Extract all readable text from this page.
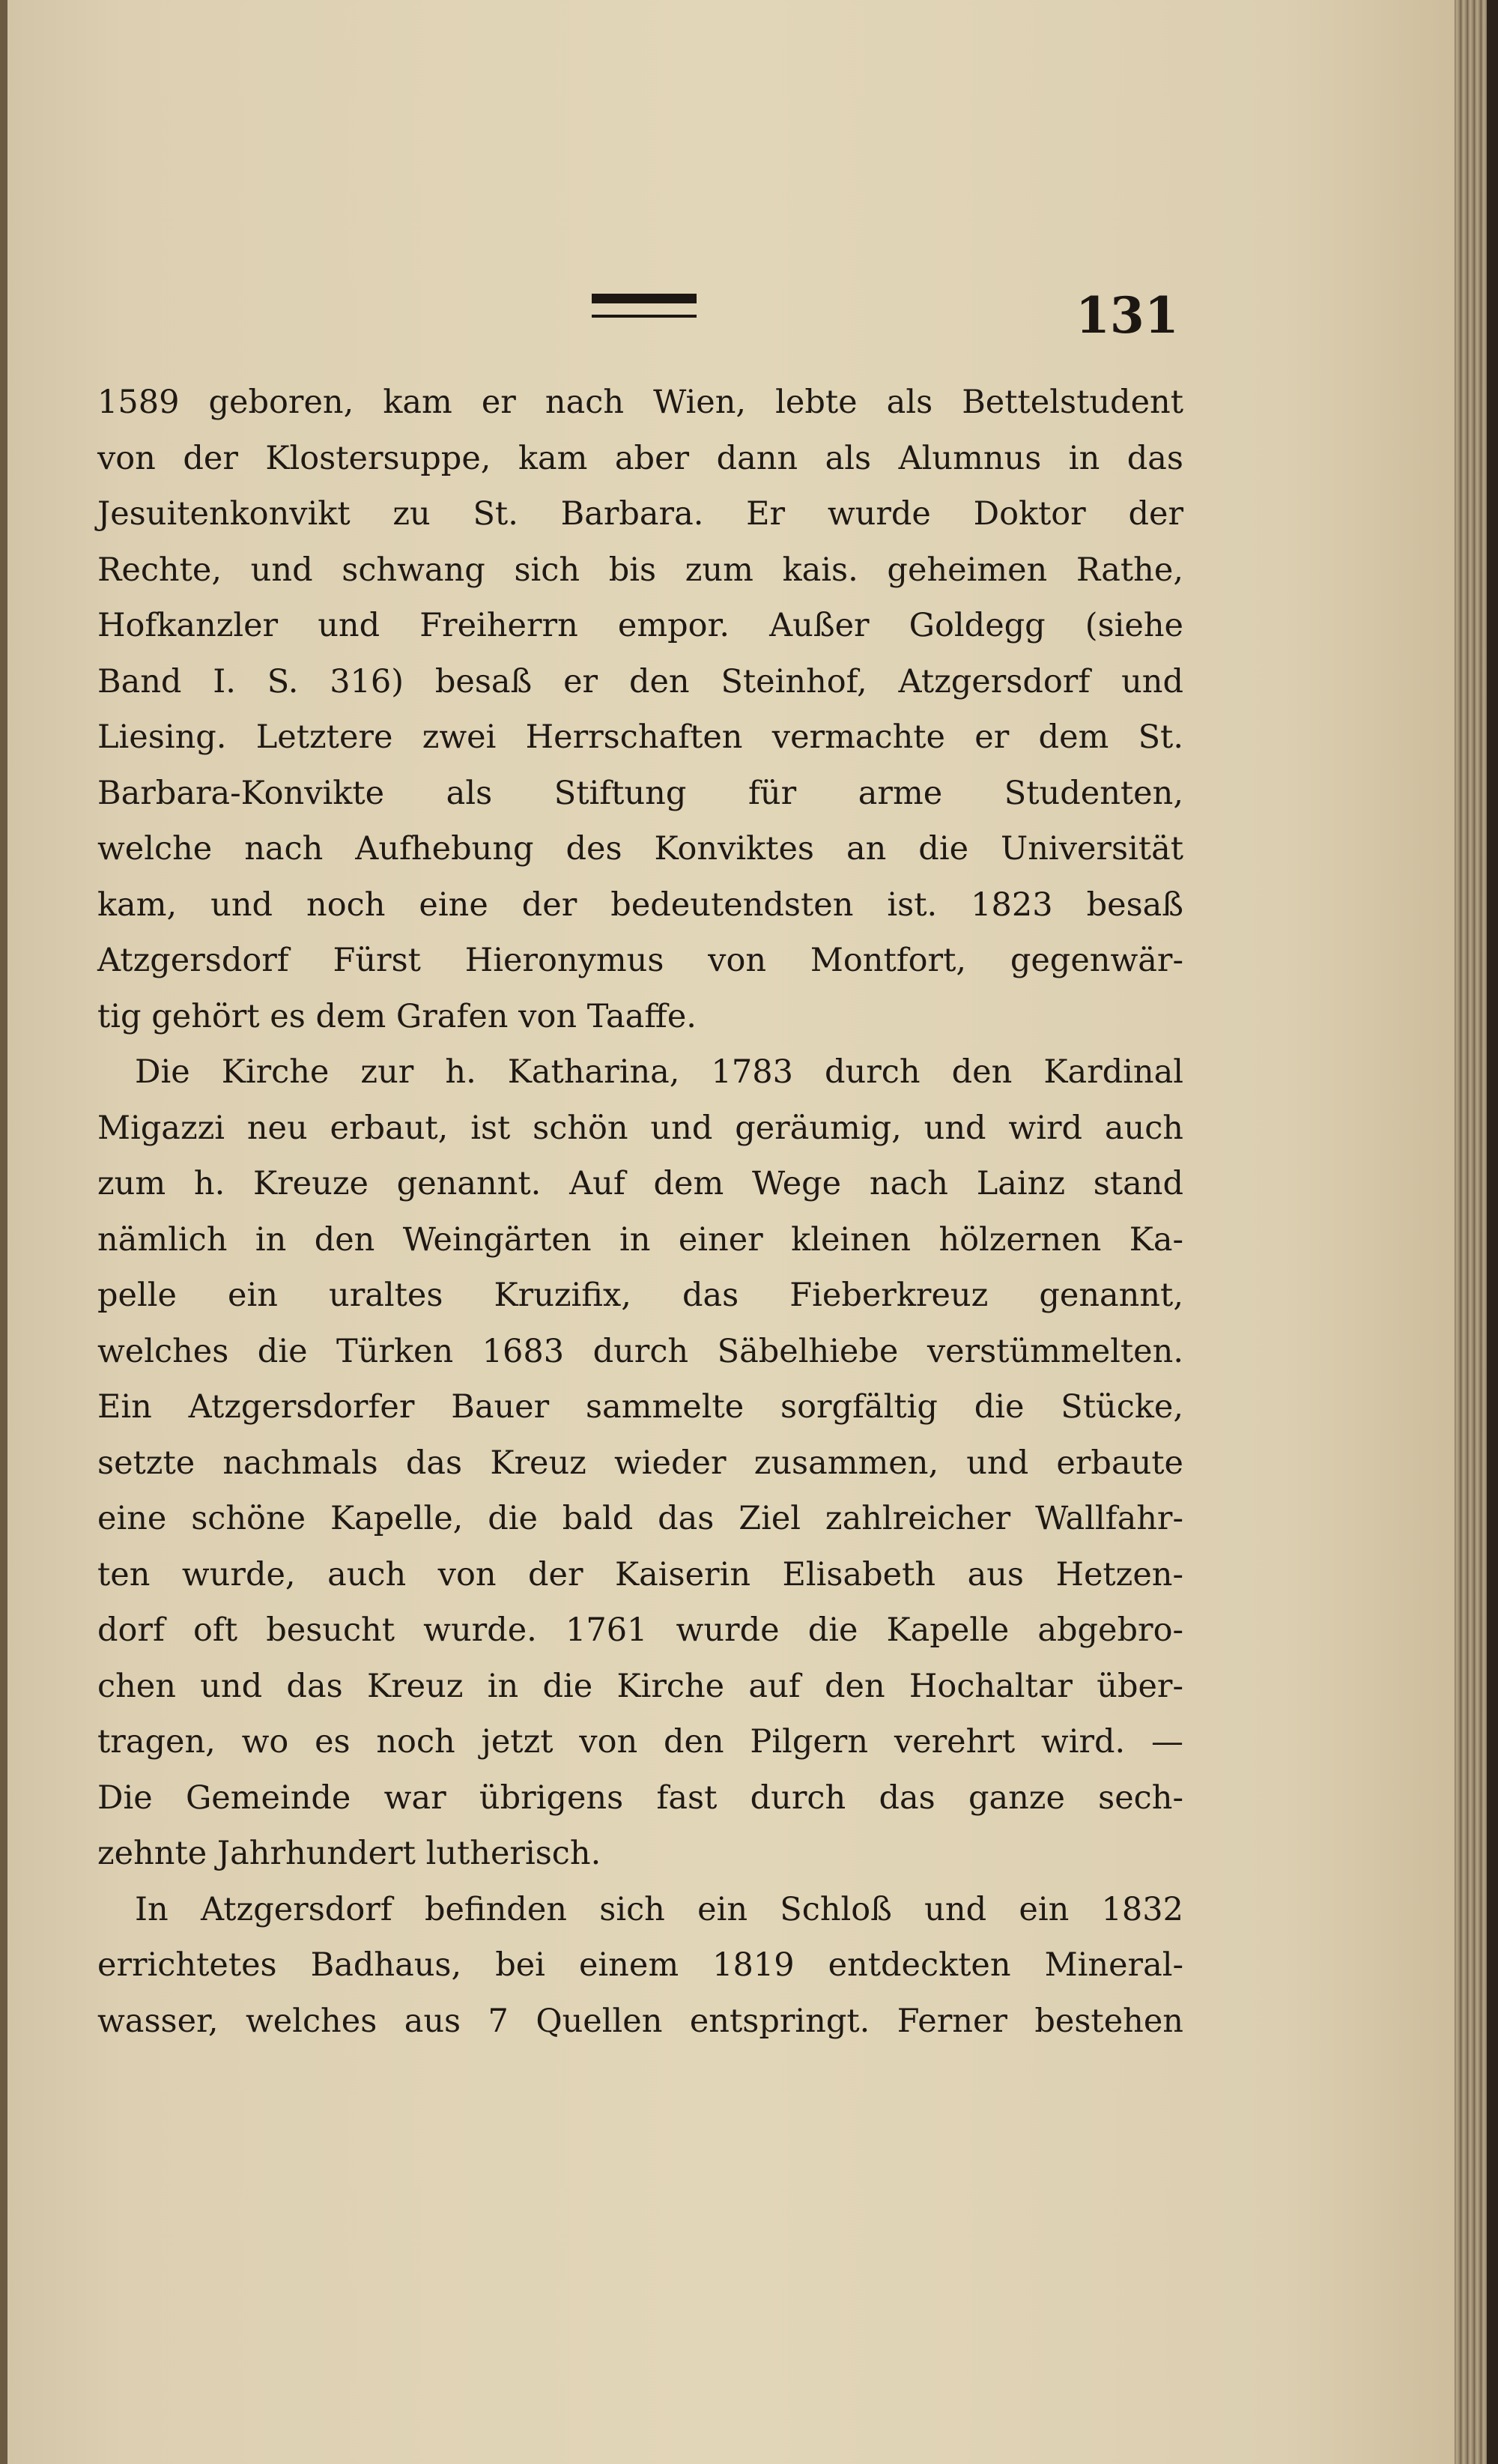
131
1589 geboren, kam er nach Wien, lebte als Bettelstudent
von der Klostersuppe, kam aber dann als Alumnus in das
Jesuitenkonvikt zu St. Barbara. Er wurde Doktor der
Rechte, und schwang sich bis zum kais. geheimen Rathe,
Hofkanzler und Freiherrn empor. Außer Goldegg (siehe
Band I. S. 316) besaß er den Steinhof, Atzgersdorf und
Liesing. Letztere zwei Herrschaften vermachte er dem St.
Barbara-Konvikte als Stiftung für arme Studenten,
welche nach Aufhebung des Konviktes an die Universität
kam, und noch eine der bedeutendsten ist. 1823 besaß
Atzgersdorf Fürst Hieronymus von Montfort, gegenwär-
tig gehört es dem Grafen von Taaffe.
Die Kirche zur h. Katharina, 1783 durch den Kardinal
Migazzi neu erbaut, ist schön und geräumig, und wird auch
zum h. Kreuze genannt. Auf dem Wege nach Lainz stand
nämlich in den Weingärten in einer kleinen hölzernen Ka-
pelle ein uraltes Kruzifix, das Fieberkreuz genannt,
welches die Türken 1683 durch Säbelhiebe verstümmelten.
Ein Atzgersdorfer Bauer sammelte sorgfältig die Stücke,
setzte nachmals das Kreuz wieder zusammen, und erbaute
eine schöne Kapelle, die bald das Ziel zahlreicher Wallfahr-
ten wurde, auch von der Kaiserin Elisabeth aus Hetzen-
dorf oft besucht wurde. 1761 wurde die Kapelle abgebro-
chen und das Kreuz in die Kirche auf den Hochaltar über-
tragen, wo es noch jetzt von den Pilgern verehrt wird. —
Die Gemeinde war übrigens fast durch das ganze sech-
zehnte Jahrhundert lutherisch.
In Atzgersdorf befinden sich ein Schloß und ein 1832
errichtetes Badhaus, bei einem 1819 entdeckten Mineral-
wasser, welches aus 7 Quellen entspringt. Ferner bestehen
